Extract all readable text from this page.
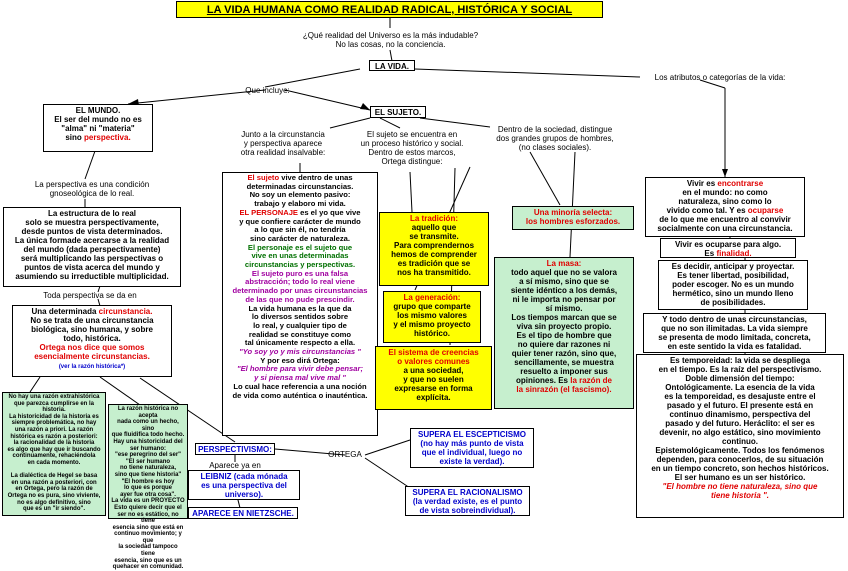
LA VIDA HUMANA COMO REALIDAD RADICAL, HISTÓRICA Y SOCIAL
¿Qué realidad del Universo es la más indudable?
No las cosas, no la conciencia.
LA VIDA.
Que incluye:
Los atributos o categorías de la vida:
EL MUNDO.
El ser del mundo no es
"alma" ni "materia"
sino perspectiva.
EL SUJETO.
Junto a la circunstancia
y perspectiva aparece
otra realidad insalvable:
El sujeto se encuentra en
un proceso histórico y social.
Dentro de estos marcos,
Ortega distingue:
Dentro de la sociedad, distingue
dos grandes grupos de hombres,
(no clases sociales).
La perspectiva es una condición
gnoseológica de lo real.
La estructura de lo real
solo se muestra perspectivamente,
desde puntos de vista determinados.
La única formade acercarse a la realidad
del mundo (dada perspectivamente)
será multiplicando las perspectivas o
puntos de vista acerca del mundo y
asumiendo su irreductible multiplicidad.
Toda perspectiva se da en
Una determinada circunstancia.
No se trata de una circunstancia
biológica, sino humana, y sobre
todo, histórica.
Ortega nos dice que somos
esencialmente circunstancias.
(ver la razón histórica*)
El sujeto vive dentro de unas
determinadas circunstancias.
No soy un elemento pasivo:
trabajo y elaboro mi vida.
EL PERSONAJE es el yo que vive
y que confiere carácter de mundo
a lo que sin él, no tendría
sino carácter de naturaleza.
El personaje es el sujeto que
vive en unas determinadas
circunstancias y perspectivas.
El sujeto puro es una falsa
abstracción; todo lo real viene
determinado por unas circunstancias
de las que no pude prescindir.
La vida humana es la que da
lo diversos sentidos sobre
lo real, y cualquier tipo de
realidad se constituye como
tal únicamente respecto a ella.
"Yo soy yo y mis circunstancias "
Y por eso dirá Ortega:
"El hombre para vivir debe pensar;
y si piensa mal vive mal "
Lo cual hace referencia a una noción
de vida como auténtica o inauténtica.
La tradición:
aquello que
se transmite.
Para comprendernos
hemos de comprender
es tradición que se
nos ha transmitido.
La generación:
grupo que comparte
los mismo valores
y el mismo proyecto
histórico.
El sistema de creencias
o valores comunes
a una sociedad,
y que no suelen
expresarse en forma
explícita.
Una minoría selecta:
los hombres esforzados.
La masa:
todo aquel que no se valora
a sí mismo, sino que se
siente idéntico a los demás,
ni le importa no pensar por
sí mismo.
Los tiempos marcan que se
viva sin proyecto propio.
Es el tipo de hombre que
no quiere dar razones ni
quier tener razón, sino que,
sencillamente, se muestra
resuelto a imponer sus
opiniones. Es la razón de
la sinrazón (el fascismo).
Vivir es encontrarse
en el mundo: no como
naturaleza, sino como lo
vivido como tal. Y es ocuparse
de lo que me encuentro al convivir
socialmente con una circunstancia.
Vivir es ocuparse para algo.
Es finalidad.
Es decidir, anticipar y proyectar.
Es tener libertad, posibilidad,
poder escoger. No es un mundo
hermético, sino un mundo lleno
de posibilidades.
Y todo dentro de unas circunstancias,
que no son ilimitadas. La vida siempre
se presenta de modo limitada, concreta,
en este sentido la vida es fatalidad.
Es temporeidad: la vida se despliega
en el tiempo. Es la raíz del perspectivismo.
Doble dimensión del tiempo:
Ontológicamente. La esencia de la vida
es la temporeidad, es desajuste entre el
pasado y el futuro. El presente está en
continuo dinamismo, perspectiva del
pasado y del futuro. Heráclito: el ser es
devenir, no algo estático, sino movimiento
continuo.
Epistemológicamente. Todos los fenómenos
dependen, para conocerlos, de su situación
en un tiempo concreto, son hechos históricos.
El ser humano es un ser histórico.
"El hombre no tiene naturaleza, sino que
tiene historia ".
No hay una razón extrahistórica
que parezca cumplirse en la
historia.
La historicidad de la historia es
siempre problemática, no hay
una razón a priori. La razón
histórica es razón a posteriori:
la racionalidad de la historia
es algo que hay que ir buscando
continuamente, rehaciéndola
en cada momento.

La dialéctica de Hegel se basa
en una razón a posteriori, con
en Ortega, pero la razón de
Ortega no es pura, sino viviente,
no es algo definitivo, sino
que es un "ir siendo".
La razón histórica no acepta
nada como un hecho, sino
que fluidifica todo hecho.
Hay una historicidad del
ser humano:
"ese peregrino del ser"
"El ser humano
no tiene naturaleza,
sino que tiene historia"
"El hombre es hoy
lo que es porque
ayer fue otra cosa".
La vida es un PROYECTO
Esto quiere decir que el
ser no es estático, no tiene
esencia sino que está en
continuo movimiento; y que
la sociedad tampoco tiene
esencia, sino que es un
quehacer en comunidad.
PERSPECTIVISMO:
Aparece ya en
LEIBNIZ (cada mónada
es una perspectiva del
universo).
APARECE EN NIETZSCHE.
ORTEGA
SUPERA EL ESCEPTICISMO
(no hay más punto de vista
que el individual, luego no
existe la verdad).
SUPERA EL RACIONALISMO
(la verdad existe, es el punto
de vista sobreindividual).
